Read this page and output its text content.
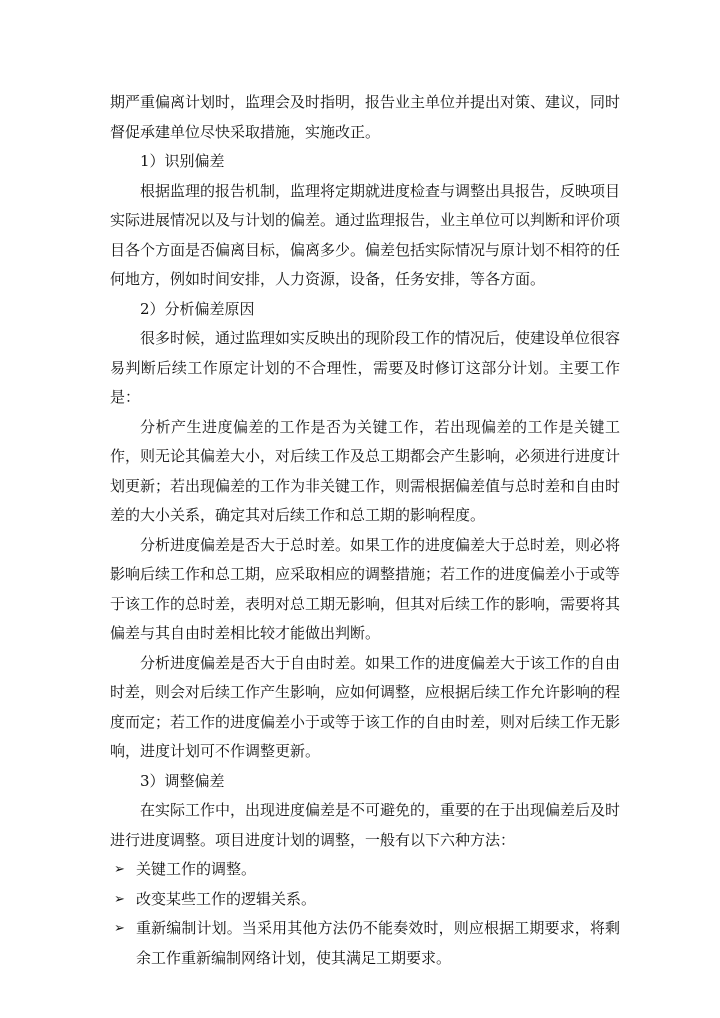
期严重偏离计划时，监理会及时指明，报告业主单位并提出对策、建议，同时督促承建单位尽快采取措施，实施改正。

1）识别偏差

根据监理的报告机制，监理将定期就进度检查与调整出具报告，反映项目实际进展情况以及与计划的偏差。通过监理报告，业主单位可以判断和评价项目各个方面是否偏离目标，偏离多少。偏差包括实际情况与原计划不相符的任何地方，例如时间安排，人力资源，设备，任务安排，等各方面。

2）分析偏差原因

很多时候，通过监理如实反映出的现阶段工作的情况后，使建设单位很容易判断后续工作原定计划的不合理性，需要及时修订这部分计划。主要工作是：

分析产生进度偏差的工作是否为关键工作，若出现偏差的工作是关键工作，则无论其偏差大小，对后续工作及总工期都会产生影响，必须进行进度计划更新；若出现偏差的工作为非关键工作，则需根据偏差值与总时差和自由时差的大小关系，确定其对后续工作和总工期的影响程度。

分析进度偏差是否大于总时差。如果工作的进度偏差大于总时差，则必将影响后续工作和总工期，应采取相应的调整措施；若工作的进度偏差小于或等于该工作的总时差，表明对总工期无影响，但其对后续工作的影响，需要将其偏差与其自由时差相比较才能做出判断。

分析进度偏差是否大于自由时差。如果工作的进度偏差大于该工作的自由时差，则会对后续工作产生影响，应如何调整，应根据后续工作允许影响的程度而定；若工作的进度偏差小于或等于该工作的自由时差，则对后续工作无影响，进度计划可不作调整更新。

3）调整偏差

在实际工作中，出现进度偏差是不可避免的，重要的在于出现偏差后及时进行进度调整。项目进度计划的调整，一般有以下六种方法：

➢ 关键工作的调整。
➢ 改变某些工作的逻辑关系。
➢ 重新编制计划。当采用其他方法仍不能奏效时，则应根据工期要求，将剩余工作重新编制网络计划，使其满足工期要求。
